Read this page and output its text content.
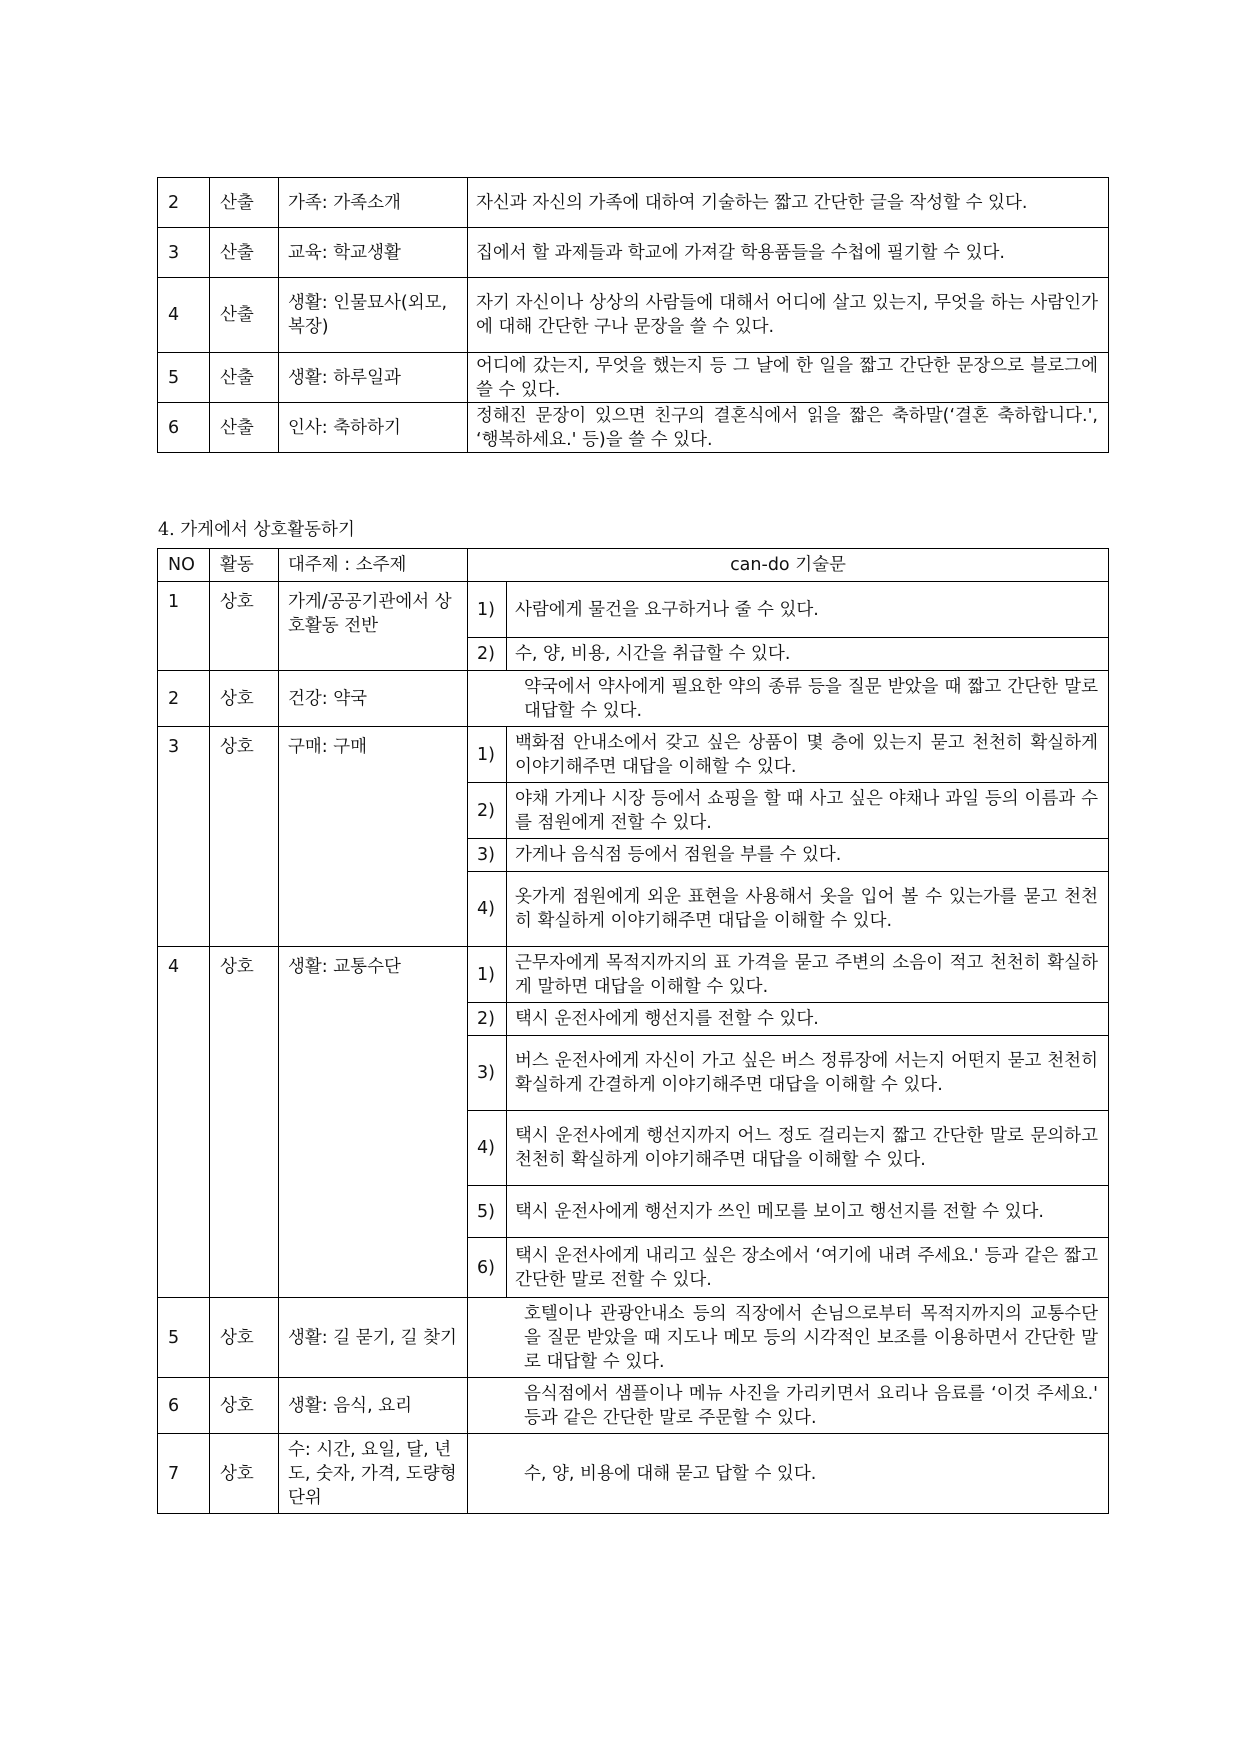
2	산출	가족: 가족소개	자신과 자신의 가족에 대하여 기술하는 짧고 간단한 글을 작성할 수 있다.
3	산출	교육: 학교생활	집에서 할 과제들과 학교에 가져갈 학용품들을 수첩에 필기할 수 있다.
4	산출	생활: 인물묘사(외모, 복장)	자기 자신이나 상상의 사람들에 대해서 어디에 살고 있는지, 무엇을 하는 사람인가에 대해 간단한 구나 문장을 쓸 수 있다.
5	산출	생활: 하루일과	어디에 갔는지, 무엇을 했는지 등 그 날에 한 일을 짧고 간단한 문장으로 블로그에 쓸 수 있다.
6	산출	인사: 축하하기	정해진 문장이 있으면 친구의 결혼식에서 읽을 짧은 축하말(‘결혼 축하합니다.', ‘행복하세요.' 등)을 쓸 수 있다.
4. 가게에서 상호활동하기
NO	활동	대주제 : 소주제	can-do 기술문	
1	상호	가게/공공기관에서 상호활동 전반	1)	사람에게 물건을 요구하거나 줄 수 있다.
			2)	수, 양, 비용, 시간을 취급할 수 있다.
2	상호	건강: 약국	약국에서 약사에게 필요한 약의 종류 등을 질문 받았을 때 짧고 간단한 말로 대답할 수 있다.	

3	상호	구매: 구매	1)	백화점 안내소에서 갖고 싶은 상품이 몇 층에 있는지 묻고 천천히 확실하게 이야기해주면 대답을 이해할 수 있다.
			2)	야채 가게나 시장 등에서 쇼핑을 할 때 사고 싶은 야채나 과일 등의 이름과 수를 점원에게 전할 수 있다.
			3)	가게나 음식점 등에서 점원을 부를 수 있다.
			4)	옷가게 점원에게 외운 표현을 사용해서 옷을 입어 볼 수 있는가를 묻고 천천히 확실하게 이야기해주면 대답을 이해할 수 있다.
4	상호	생활: 교통수단	1)	근무자에게 목적지까지의 표 가격을 묻고 주변의 소음이 적고 천천히 확실하게 말하면 대답을 이해할 수 있다.
			2)	택시 운전사에게 행선지를 전할 수 있다.
			3)	버스 운전사에게 자신이 가고 싶은 버스 정류장에 서는지 어떤지 묻고 천천히 확실하게 간결하게 이야기해주면 대답을 이해할 수 있다.
			4)	택시 운전사에게 행선지까지 어느 정도 걸리는지 짧고 간단한 말로 문의하고 천천히 확실하게 이야기해주면 대답을 이해할 수 있다.
			5)	택시 운전사에게 행선지가 쓰인 메모를 보이고 행선지를 전할 수 있다.
			6)	택시 운전사에게 내리고 싶은 장소에서 ‘여기에 내려 주세요.' 등과 같은 짧고 간단한 말로 전할 수 있다.
5	상호	생활: 길 묻기, 길 찾기	호텔이나 관광안내소 등의 직장에서 손님으로부터 목적지까지의 교통수단을 질문 받았을 때 지도나 메모 등의 시각적인 보조를 이용하면서 간단한 말로 대답할 수 있다.	

6	상호	생활: 음식, 요리	음식점에서 샘플이나 메뉴 사진을 가리키면서 요리나 음료를 ‘이것 주세요.' 등과 같은 간단한 말로 주문할 수 있다.	

7	상호	수: 시간, 요일, 달, 년도, 숫자, 가격, 도량형단위	수, 양, 비용에 대해 묻고 답할 수 있다.	
